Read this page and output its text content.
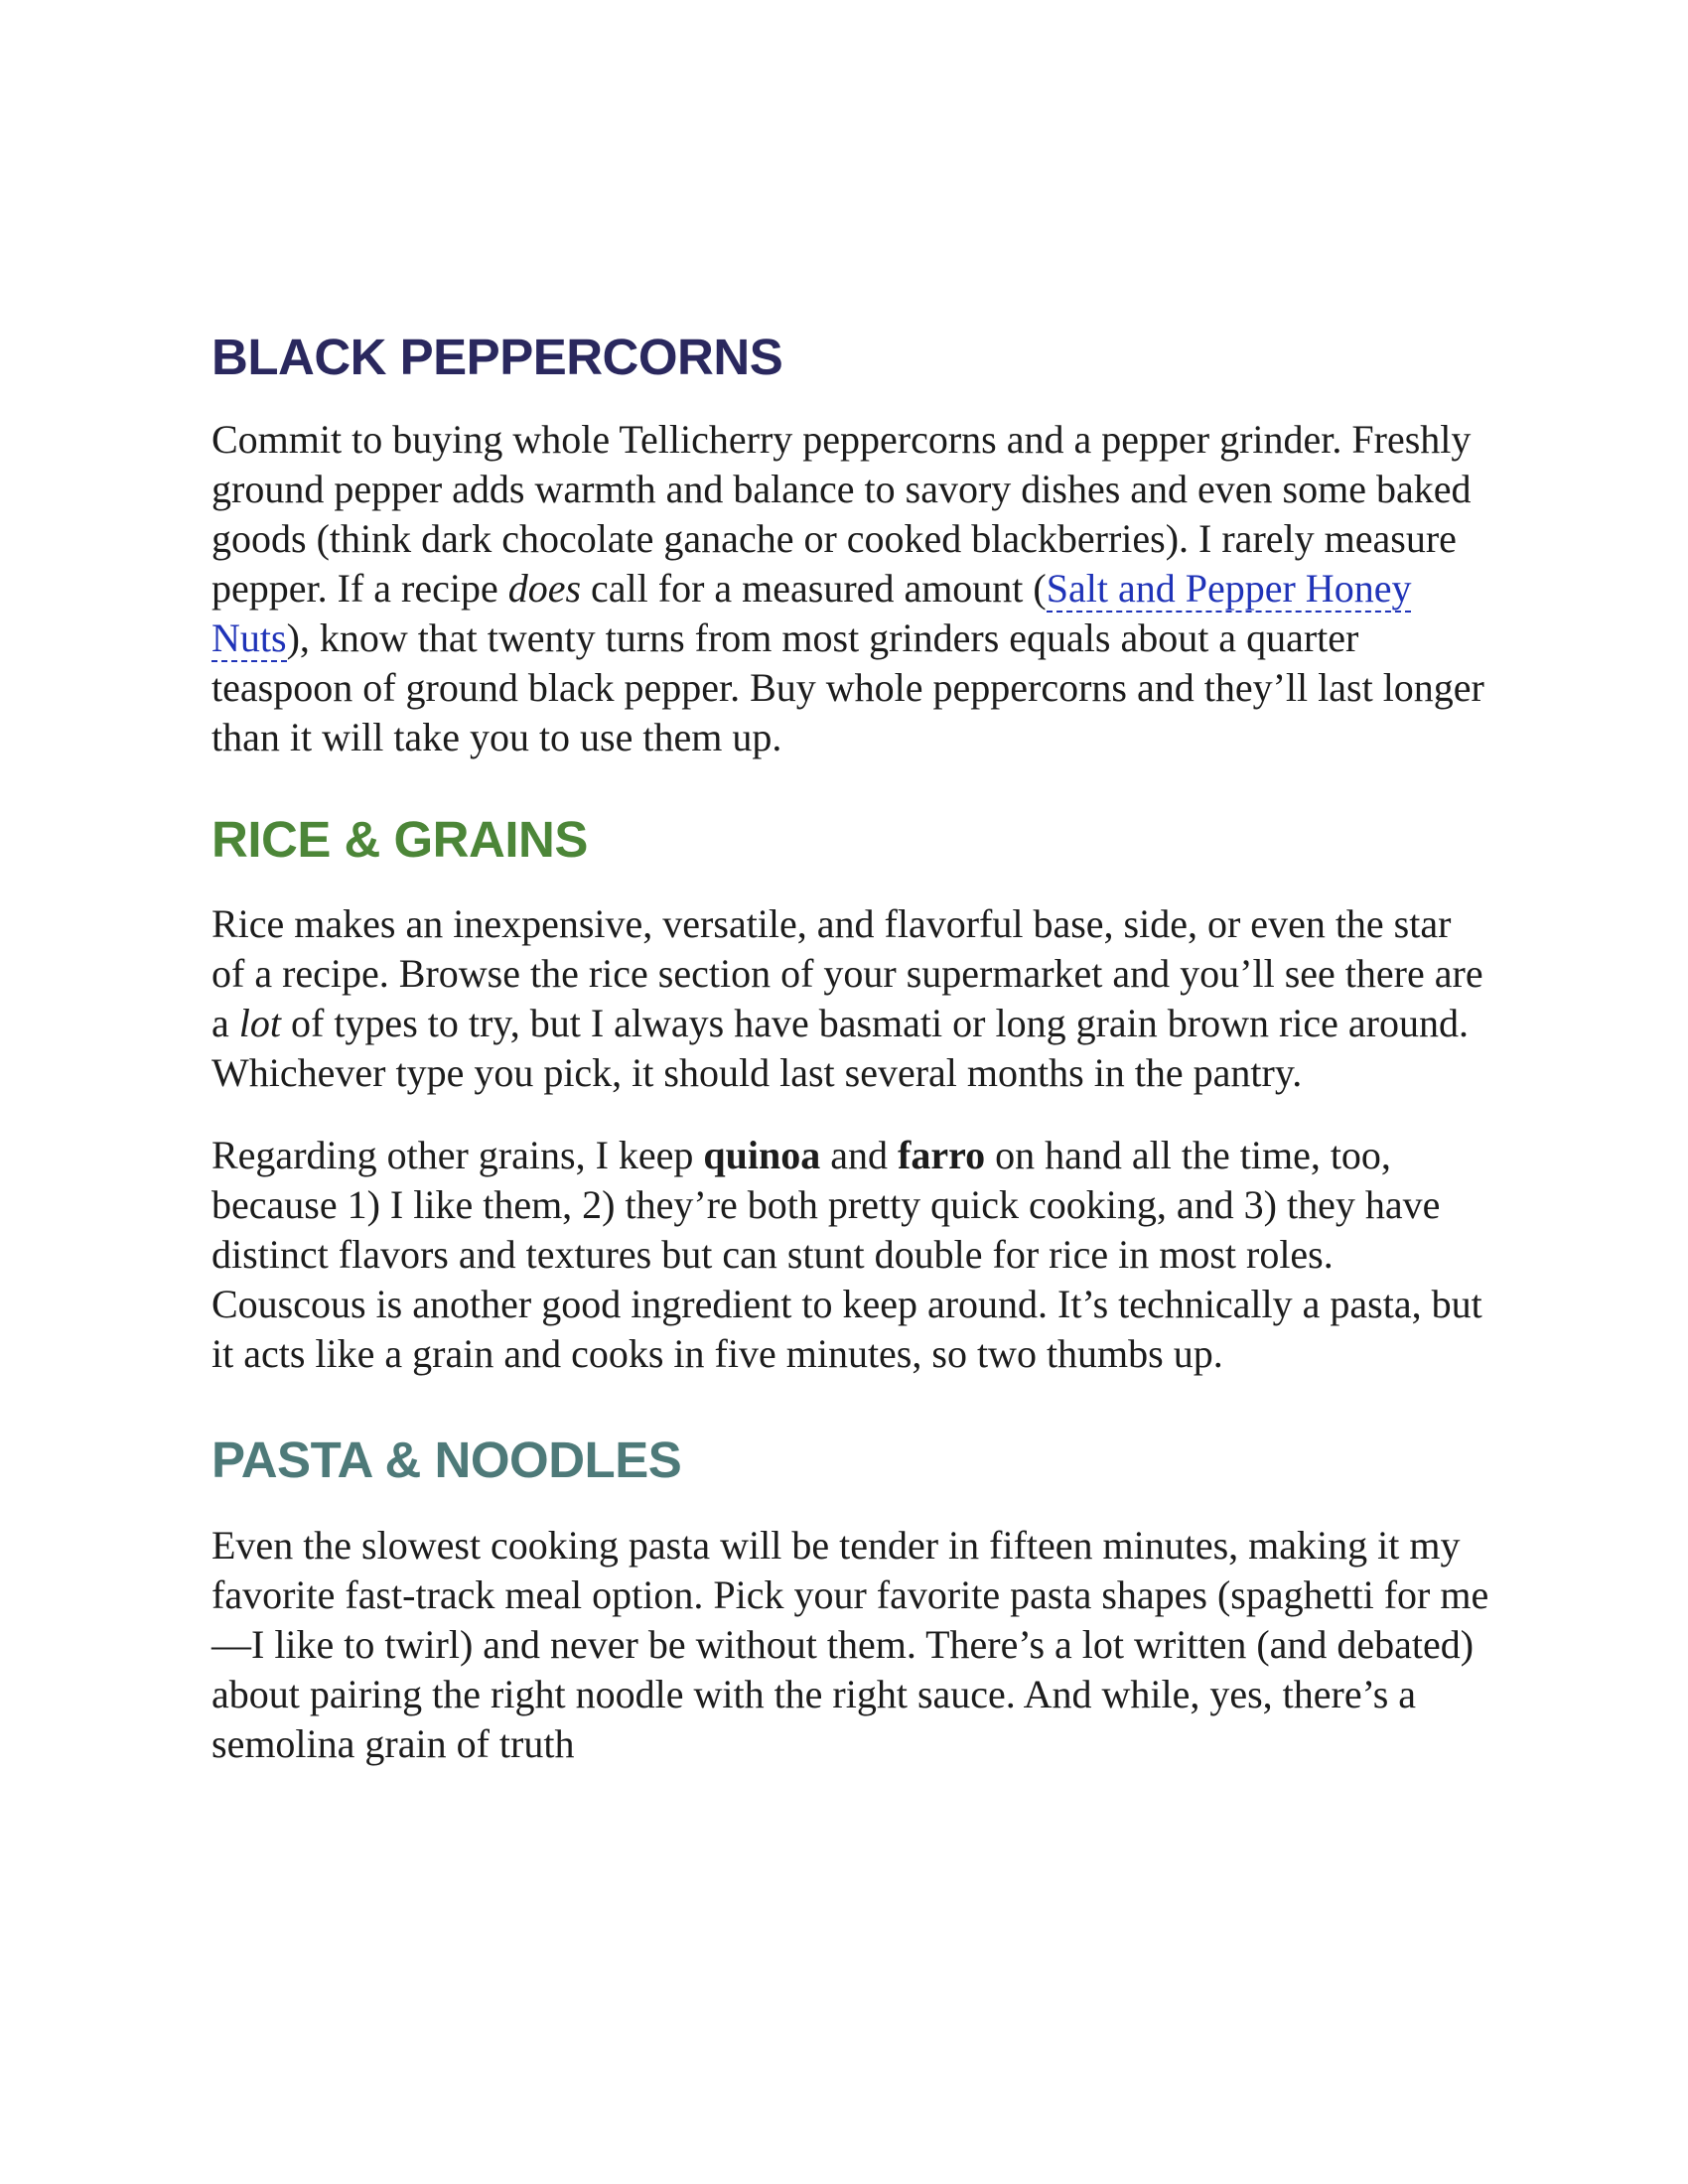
BLACK PEPPERCORNS

Commit to buying whole Tellicherry peppercorns and a pepper grinder. Freshly ground pepper adds warmth and balance to savory dishes and even some baked goods (think dark chocolate ganache or cooked blackberries). I rarely measure pepper. If a recipe does call for a measured amount (Salt and Pepper Honey Nuts), know that twenty turns from most grinders equals about a quarter teaspoon of ground black pepper. Buy whole peppercorns and they’ll last longer than it will take you to use them up.

RICE & GRAINS

Rice makes an inexpensive, versatile, and flavorful base, side, or even the star of a recipe. Browse the rice section of your supermarket and you’ll see there are a lot of types to try, but I always have basmati or long grain brown rice around. Whichever type you pick, it should last several months in the pantry.

Regarding other grains, I keep quinoa and farro on hand all the time, too, because 1) I like them, 2) they’re both pretty quick cooking, and 3) they have distinct flavors and textures but can stunt double for rice in most roles. Couscous is another good ingredient to keep around. It’s technically a pasta, but it acts like a grain and cooks in five minutes, so two thumbs up.

PASTA & NOODLES

Even the slowest cooking pasta will be tender in fifteen minutes, making it my favorite fast-track meal option. Pick your favorite pasta shapes (spaghetti for me—I like to twirl) and never be without them. There’s a lot written (and debated) about pairing the right noodle with the right sauce. And while, yes, there’s a semolina grain of truth
